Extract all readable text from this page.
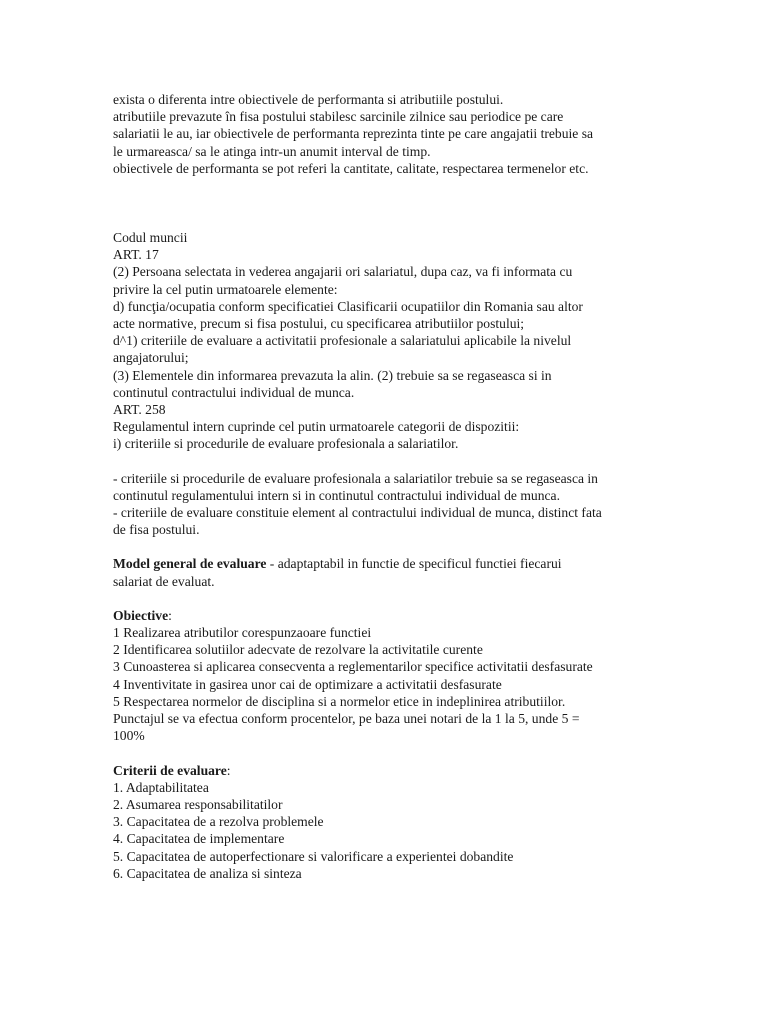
exista o diferenta intre obiectivele de performanta si atributiile postului.
atributiile prevazute în fisa postului stabilesc sarcinile zilnice sau periodice pe care
salariatii le au, iar obiectivele de performanta reprezinta tinte pe care angajatii trebuie sa
le urmareasca/ sa le atinga intr-un anumit interval de timp.
obiectivele de performanta se pot referi la cantitate, calitate, respectarea termenelor etc.
Codul muncii
ART. 17
(2) Persoana selectata in vederea angajarii ori salariatul, dupa caz, va fi informata cu
privire la cel putin urmatoarele elemente:
d) funcţia/ocupatia conform specificatiei Clasificarii ocupatiilor din Romania sau altor
acte normative, precum si fisa postului, cu specificarea atributiilor postului;
d^1) criteriile de evaluare a activitatii profesionale a salariatului aplicabile la nivelul
angajatorului;
(3) Elementele din informarea prevazuta la alin. (2) trebuie sa se regaseasca si in
continutul contractului individual de munca.
ART. 258
Regulamentul intern cuprinde cel putin urmatoarele categorii de dispozitii:
i) criteriile si procedurile de evaluare profesionala a salariatilor.
- criteriile si procedurile de evaluare profesionala a salariatilor trebuie sa se regaseasca in
continutul regulamentului intern si in continutul contractului individual de munca.
- criteriile de evaluare constituie element al contractului individual de munca, distinct fata
de fisa postului.
Model general de evaluare - adaptaptabil in functie de specificul functiei fiecarui
salariat de evaluat.
Obiective:
1 Realizarea atributilor corespunzaoare functiei
2 Identificarea solutiilor adecvate de rezolvare la activitatile curente
3 Cunoasterea si aplicarea consecventa a reglementarilor specifice activitatii desfasurate
4 Inventivitate in gasirea unor cai de optimizare a activitatii desfasurate
5 Respectarea normelor de disciplina si a normelor etice in indeplinirea atributiilor.
Punctajul se va efectua conform procentelor, pe baza unei notari de la 1 la 5, unde 5 =
100%
Criterii de evaluare:
1. Adaptabilitatea
2. Asumarea responsabilitatilor
3. Capacitatea de a rezolva problemele
4. Capacitatea de implementare
5. Capacitatea de autoperfectionare si valorificare a experientei dobandite
6. Capacitatea de analiza si sinteza
